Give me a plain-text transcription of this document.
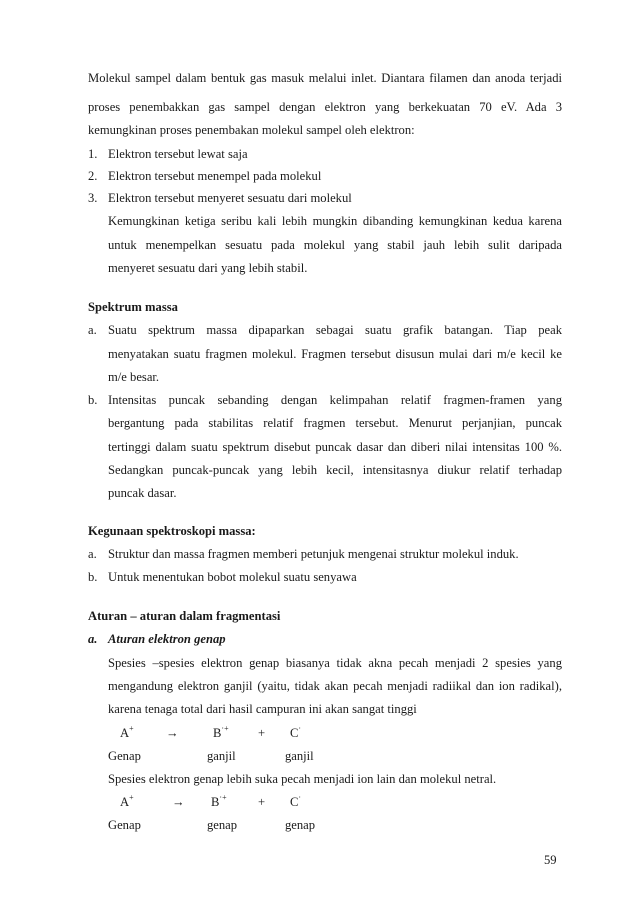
Molekul sampel dalam bentuk gas masuk melalui inlet. Diantara filamen dan anoda terjadi
proses penembakkan gas sampel dengan elektron yang berkekuatan 70 eV. Ada 3
kemungkinan proses penembakan molekul sampel oleh elektron:
1. Elektron tersebut lewat saja
2. Elektron tersebut menempel pada molekul
3. Elektron tersebut menyeret sesuatu dari molekul
Kemungkinan ketiga seribu kali lebih mungkin dibanding kemungkinan kedua karena
untuk menempelkan sesuatu pada molekul yang stabil jauh lebih sulit daripada
menyeret sesuatu dari yang lebih stabil.
Spektrum massa
a. Suatu spektrum massa dipaparkan sebagai suatu grafik batangan. Tiap peak
menyatakan suatu fragmen molekul. Fragmen tersebut disusun mulai dari m/e kecil ke
m/e besar.
b. Intensitas puncak sebanding dengan kelimpahan relatif fragmen-framen yang
bergantung pada stabilitas relatif fragmen tersebut. Menurut perjanjian, puncak
tertinggi dalam suatu spektrum disebut puncak dasar dan diberi nilai intensitas 100 %.
Sedangkan puncak-puncak yang lebih kecil, intensitasnya diukur relatif terhadap
puncak dasar.
Kegunaan spektroskopi massa:
a. Struktur dan massa fragmen memberi petunjuk mengenai struktur molekul induk.
b. Untuk menentukan bobot molekul suatu senyawa
Aturan – aturan dalam fragmentasi
a. Aturan elektron genap
Spesies –spesies elektron genap biasanya tidak akna pecah menjadi 2 spesies yang
mengandung elektron ganjil (yaitu, tidak akan pecah menjadi radiikal dan ion radikal),
karena tenaga total dari hasil campuran ini akan sangat tinggi
A+	→	B·+ + C·
Genap	ganjil	ganjil
Spesies elektron genap lebih suka pecah menjadi ion lain dan molekul netral.
A+	→ B·+ + C·
Genap	genap	genap
59
